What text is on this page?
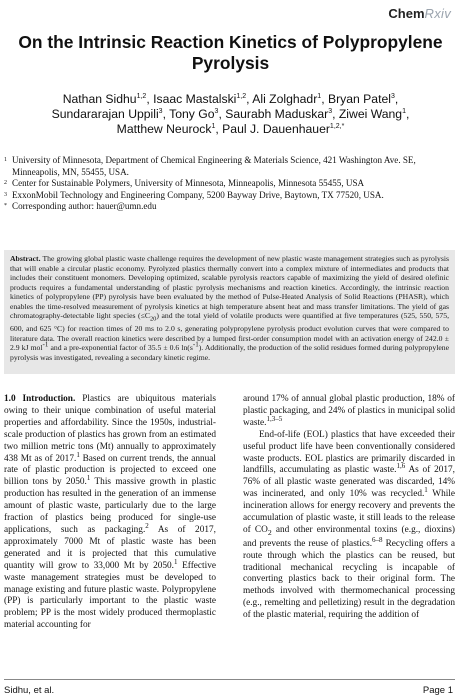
ChemRxiv
On the Intrinsic Reaction Kinetics of Polypropylene Pyrolysis
Nathan Sidhu$^{1,2}$, Isaac Mastalski$^{1,2}$, Ali Zolghadr$^1$, Bryan Patel$^3$,
Sundararajan Uppili$^3$, Tony Go$^3$, Saurabh Maduskar$^3$, Ziwei Wang$^1$,
Matthew Neurock$^1$, Paul J. Dauenhauer$^{1,2,*}$
1 University of Minnesota, Department of Chemical Engineering & Materials Science, 421 Washington Ave. SE, Minneapolis, MN, 55455, USA.
2 Center for Sustainable Polymers, University of Minnesota, Minneapolis, Minnesota 55455, USA
3 ExxonMobil Technology and Engineering Company, 5200 Bayway Drive, Baytown, TX 77520, USA.
* Corresponding author: hauer@umn.edu
Abstract. The growing global plastic waste challenge requires the development of new plastic waste management strategies such as pyrolysis that will enable a circular plastic economy. Pyrolyzed plastics thermally convert into a complex mixture of intermediates and products that includes their constituent monomers. Developing optimized, scalable pyrolysis reactors capable of maximizing the yield of desired olefinic products requires a fundamental understanding of plastic pyrolysis mechanisms and reaction kinetics. Accordingly, the intrinsic reaction kinetics of polypropylene (PP) pyrolysis have been evaluated by the method of Pulse-Heated Analysis of Solid Reactions (PHASR), which enables the time-resolved measurement of pyrolysis kinetics at high temperature absent heat and mass transfer limitations. The yield of gas chromatography-detectable light species $(\le C_{20})$ and the total yield of volatile products were quantified at five temperatures (525, 550, 575, 600, and 625 °C) for reaction times of 20 ms to 2.0 s, generating polypropylene pyrolysis product evolution curves that were compared to literature data. The overall reaction kinetics were described by a lumped first-order consumption model with an activation energy of 242.0 ± 2.9 kJ mol$^{-1}$ and a pre-exponential factor of 35.5 ± 0.6 $\ln(s^{-1})$. Additionally, the production of the solid residues formed during polypropylene pyrolysis was investigated, revealing a secondary kinetic regime.

1.0 Introduction. Plastics are ubiquitous materials owing to their unique combination of useful material properties and affordability. Since the 1950s, industrial-scale production of plastics has grown from an estimated two million metric tons (Mt) annually to approximately 438 Mt as of 2017.$^1$ Based on current trends, the annual rate of plastic production is projected to exceed one billion tons by 2050.$^1$ This massive growth in plastic production has resulted in the generation of an immense amount of plastic waste, particularly due to the large fraction of plastics being produced for single-use applications, such as packaging.$^2$ As of 2017, approximately 7000 Mt of plastic waste has been generated and it is projected that this cumulative quantity will grow to 33,000 Mt by 2050.$^1$ Effective waste management strategies must be developed to manage existing and future plastic waste. Polypropylene (PP) is particularly important to the plastic waste problem; PP is the most widely produced thermoplastic material accounting for

around 17% of annual global plastic production, 18% of plastic packaging, and 24% of plastics in municipal solid waste.$^{1,3-5}$

End-of-life (EOL) plastics that have exceeded their useful product life have been conventionally considered waste products. EOL plastics are primarily discarded in landfills, accumulating as plastic waste.$^{1,6}$ As of 2017, 76% of all plastic waste generated was discarded, 14% was incinerated, and only 10% was recycled.$^1$ While incineration allows for energy recovery and prevents the accumulation of plastic waste, it still leads to the release of $CO_2$ and other environmental toxins (e.g., dioxins) and prevents the reuse of plastics.$^{6-8}$ Recycling offers a route through which the plastics can be reused, but traditional mechanical recycling is incapable of converting plastics back to their original form. The methods involved with thermomechanical processing (e.g., remelting and pelletizing) result in the degradation of the plastic material, requiring the addition of

Sidhu, et al.	Page 1
